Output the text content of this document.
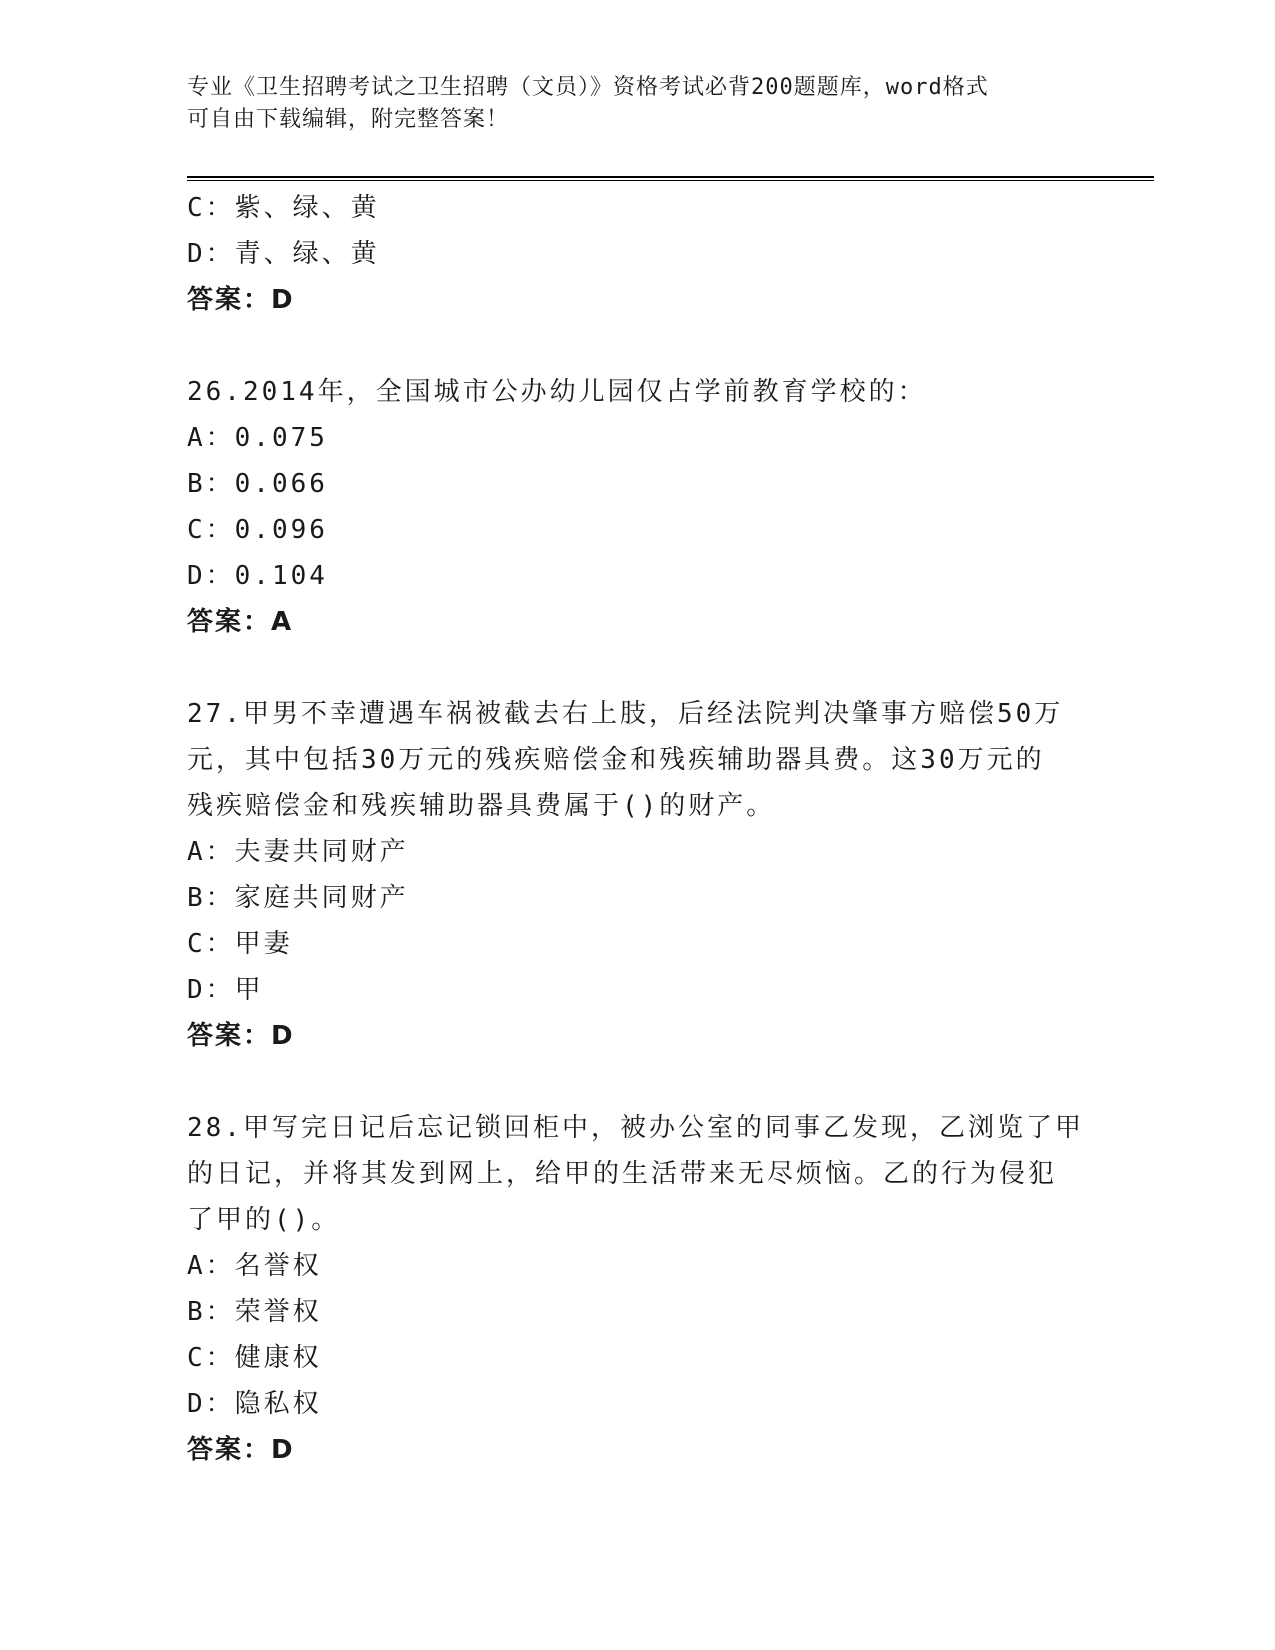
专业《卫生招聘考试之卫生招聘（文员）》资格考试必背200题题库，word格式
可自由下载编辑，附完整答案！
C：紫、绿、黄
D：青、绿、黄
答案：D
26.2014年，全国城市公办幼儿园仅占学前教育学校的：
A：0.075
B：0.066
C：0.096
D：0.104
答案：A
27.甲男不幸遭遇车祸被截去右上肢，后经法院判决肇事方赔偿50万
元，其中包括30万元的残疾赔偿金和残疾辅助器具费。这30万元的
残疾赔偿金和残疾辅助器具费属于()的财产。
A：夫妻共同财产
B：家庭共同财产
C：甲妻
D：甲
答案：D
28.甲写完日记后忘记锁回柜中，被办公室的同事乙发现，乙浏览了甲
的日记，并将其发到网上，给甲的生活带来无尽烦恼。乙的行为侵犯
了甲的()。
A：名誉权
B：荣誉权
C：健康权
D：隐私权
答案：D
